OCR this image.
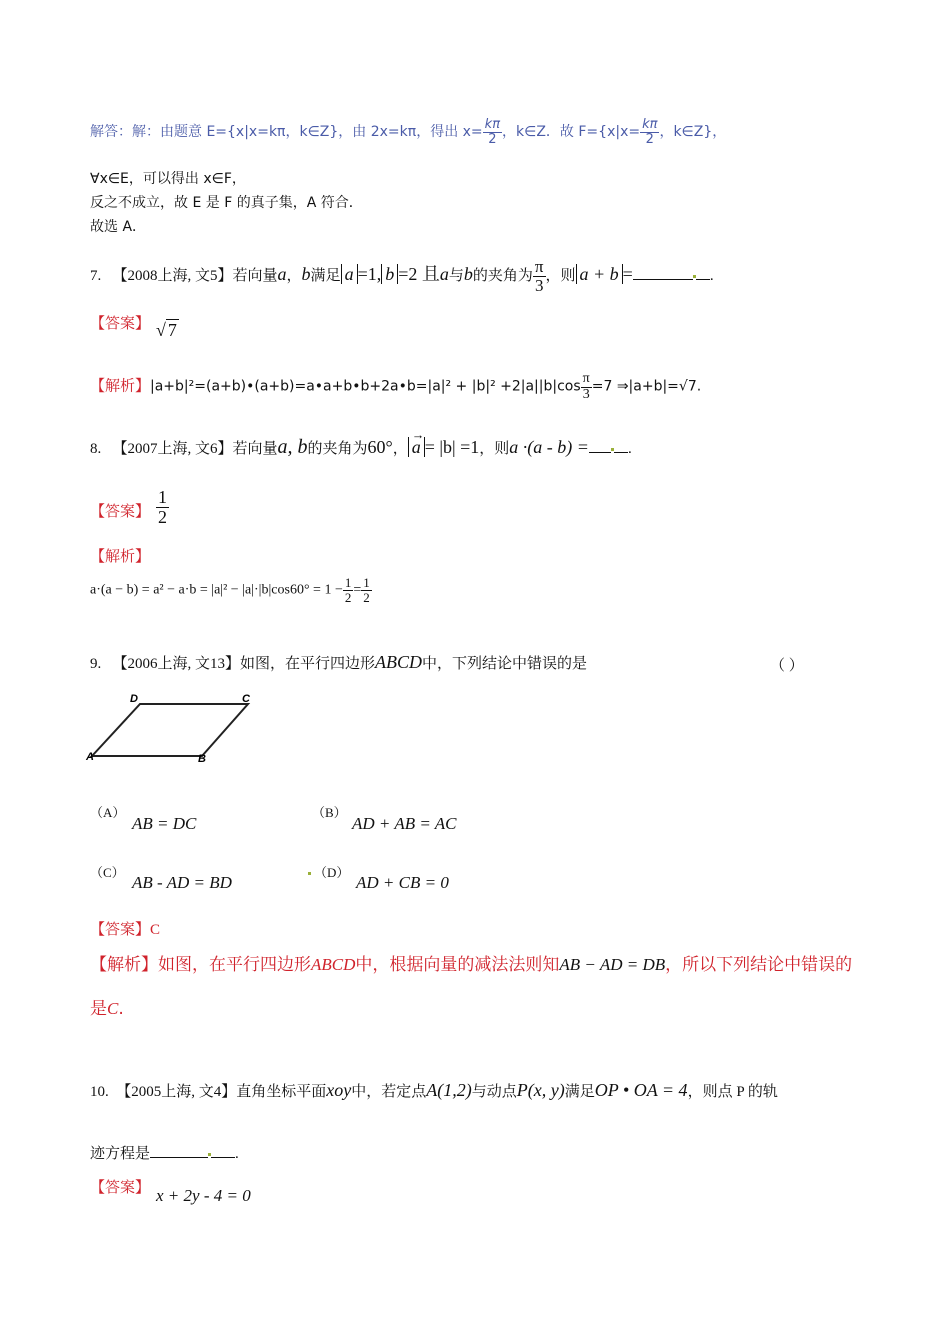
解答：解：由题意 E={x|x=kπ，k∈Z}，由 2x=kπ，得出 $x= \frac{k\pi}{2}$ ，k∈Z．故 $F=\{x|x= \frac{k\pi}{2}$ ，k∈Z}，
∀x∈E，可以得出 x∈F，
反之不成立，故 E 是 F 的真子集，A 符合．
故选 A．
7. 【2008上海, 文5】若向量a，b满足 a =1, b =2 且a与b的夹角为 $\frac{\pi}{3}$ ，则 a + b =	.
【答案】 √ 7
【解析】|a+b|²=(a+b)•(a+b)=a•a+b•b+2a•b=|a|² + $|b|^2 +2|a||b|\cos \frac{\pi}{3} =7$ ⇒|a+b|=√7.
8. 【2007上海, 文6】若向量a, b的夹角为60°，→ a = |b| =1，则a ·(a - b) =	.
【答案】 $\frac{1}{2}$
【解析】
$a\cdot(a - b) = a^2 - a\cdot b = |a|^2 - |a|\cdot|b|\cos 60^\circ = 1 - \frac{1}{2} = \frac{1}{2}$
9. 【2006上海, 文13】如图，在平行四边形ABCD中，下列结论中错误的是	（ ）
A	B
C
D
（A）
AB = DC
（B）
AD + AB = AC
（C）
AB - AD = BD
（D）
AD + CB = 0
【答案】C
【解析】如图，在平行四边形ABCD中，根据向量的减法法则知AB − AD = DB，所以下列结论中错误的
是C.
10. 【2005上海, 文4】直角坐标平面xoy中，若定点A(1,2)与动点P(x, y)满足OP • OA = 4，则点 P 的轨
迹方程是	.
【答案】 x + 2y - 4 = 0
